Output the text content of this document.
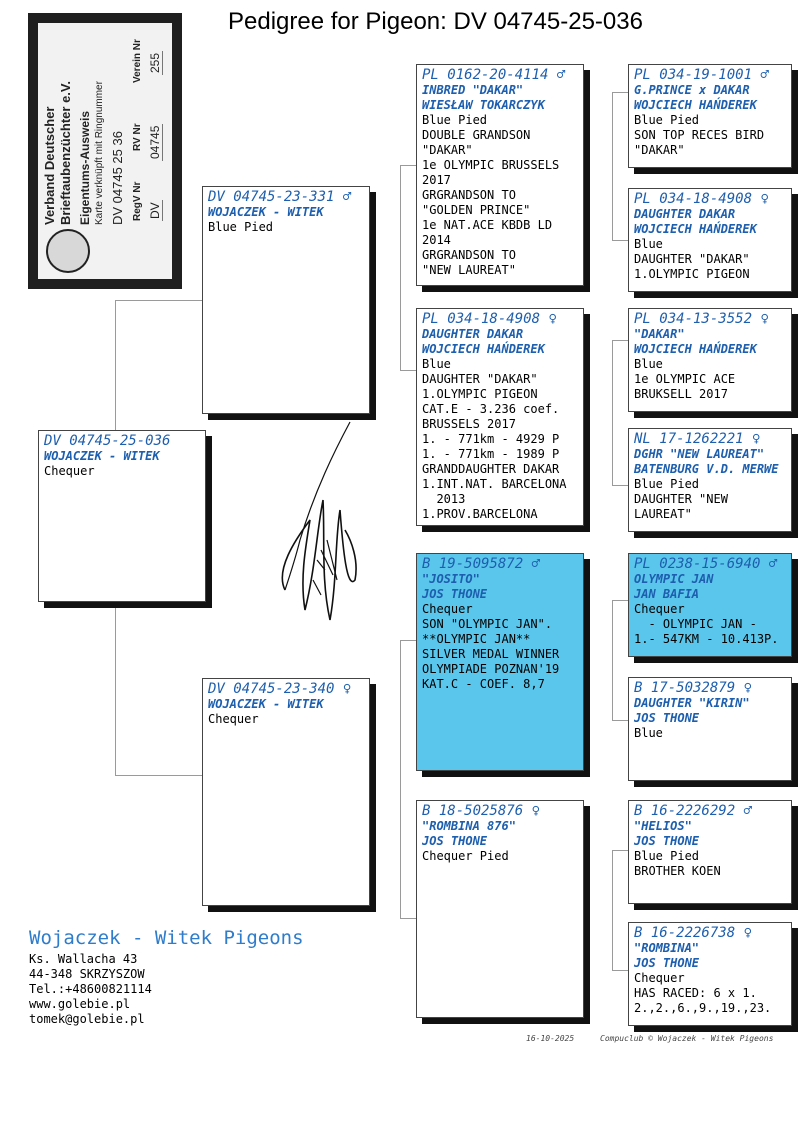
Pedigree for Pigeon: DV 04745-25-036
Verband Deutscher Brieftaubenzüchter e.V. Eigentums-Ausweis Karte verknüpft mit Ringnummer DV 04745 25 36 RegV Nr DV
RV Nr 04745
Verein Nr 255
DV 04745-25-036
WOJACZEK - WITEK
Chequer
DV 04745-23-331 ♂
WOJACZEK - WITEK
Blue Pied
DV 04745-23-340 ♀
WOJACZEK - WITEK
Chequer
PL 0162-20-4114 ♂
INBRED "DAKAR"
WIESŁAW TOKARCZYK
Blue Pied
DOUBLE GRANDSON
"DAKAR"
1e OLYMPIC BRUSSELS
2017
GRGRANDSON TO
"GOLDEN PRINCE"
1e NAT.ACE KBDB LD
2014
GRGRANDSON TO
"NEW LAUREAT"
PL 034-18-4908 ♀
DAUGHTER DAKAR
WOJCIECH HAŃDEREK
Blue
DAUGHTER "DAKAR"
1.OLYMPIC PIGEON
CAT.E - 3.236 coef.
BRUSSELS 2017
1. - 771km - 4929 P
1. - 771km - 1989 P
GRANDDAUGHTER DAKAR
1.INT.NAT. BARCELONA
2013
1.PROV.BARCELONA
B 19-5095872 ♂
"JOSITO"
JOS THONE
Chequer
SON "OLYMPIC JAN".
**OLYMPIC JAN**
SILVER MEDAL WINNER
OLYMPIADE POZNAN'19
KAT.C - COEF. 8,7
B 18-5025876 ♀
"ROMBINA 876"
JOS THONE
Chequer Pied
PL 034-19-1001 ♂
G.PRINCE x DAKAR
WOJCIECH HAŃDEREK
Blue Pied
SON TOP RECES BIRD
"DAKAR"
PL 034-18-4908 ♀
DAUGHTER DAKAR
WOJCIECH HAŃDEREK
Blue
DAUGHTER "DAKAR"
1.OLYMPIC PIGEON
PL 034-13-3552 ♀
"DAKAR"
WOJCIECH HAŃDEREK
Blue
1e OLYMPIC ACE
BRUKSELL 2017
NL 17-1262221 ♀
DGHR "NEW LAUREAT"
BATENBURG V.D. MERWE
Blue Pied
DAUGHTER "NEW
LAUREAT"
PL 0238-15-6940 ♂
OLYMPIC JAN
JAN BAFIA
Chequer
- OLYMPIC JAN -
1.- 547KM - 10.413P.
B 17-5032879 ♀
DAUGHTER "KIRIN"
JOS THONE
Blue
B 16-2226292 ♂
"HELIOS"
JOS THONE
Blue Pied
BROTHER KOEN
B 16-2226738 ♀
"ROMBINA"
JOS THONE
Chequer
HAS RACED: 6 x 1.
2.,2.,6.,9.,19.,23.
Wojaczek - Witek Pigeons
Ks. Wallacha 43
44-348 SKRZYSZOW
Tel.:+48600821114
www.golebie.pl
tomek@golebie.pl
16-10-2025	Compuclub © Wojaczek - Witek Pigeons
